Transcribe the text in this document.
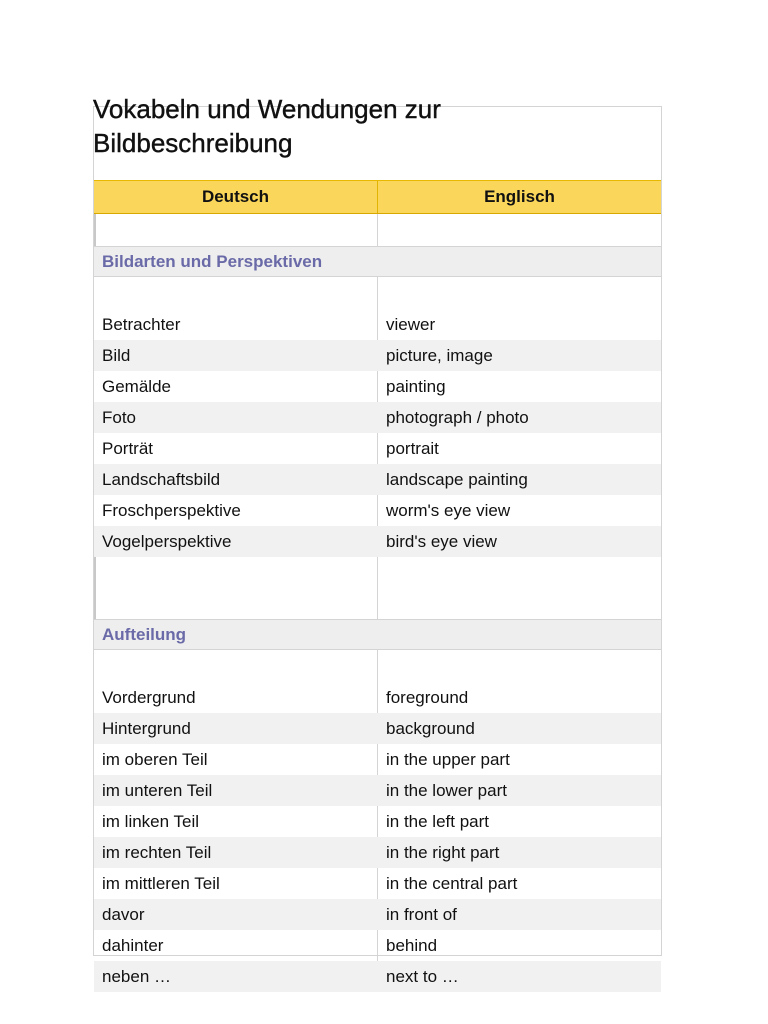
Vokabeln und Wendungen zur Bildbeschreibung
Deutsch	Englisch
Bildarten und Perspektiven
Betrachter	viewer
Bild	picture, image
Gemälde	painting
Foto	photograph / photo
Porträt	portrait
Landschaftsbild	landscape painting
Froschperspektive	worm's eye view
Vogelperspektive	bird's eye view
Aufteilung
Vordergrund	foreground
Hintergrund	background
im oberen Teil	in the upper part
im unteren Teil	in the lower part
im linken Teil	in the left part
im rechten Teil	in the right part
im mittleren Teil	in the central part
davor	in front of
dahinter	behind
neben …	next to …
